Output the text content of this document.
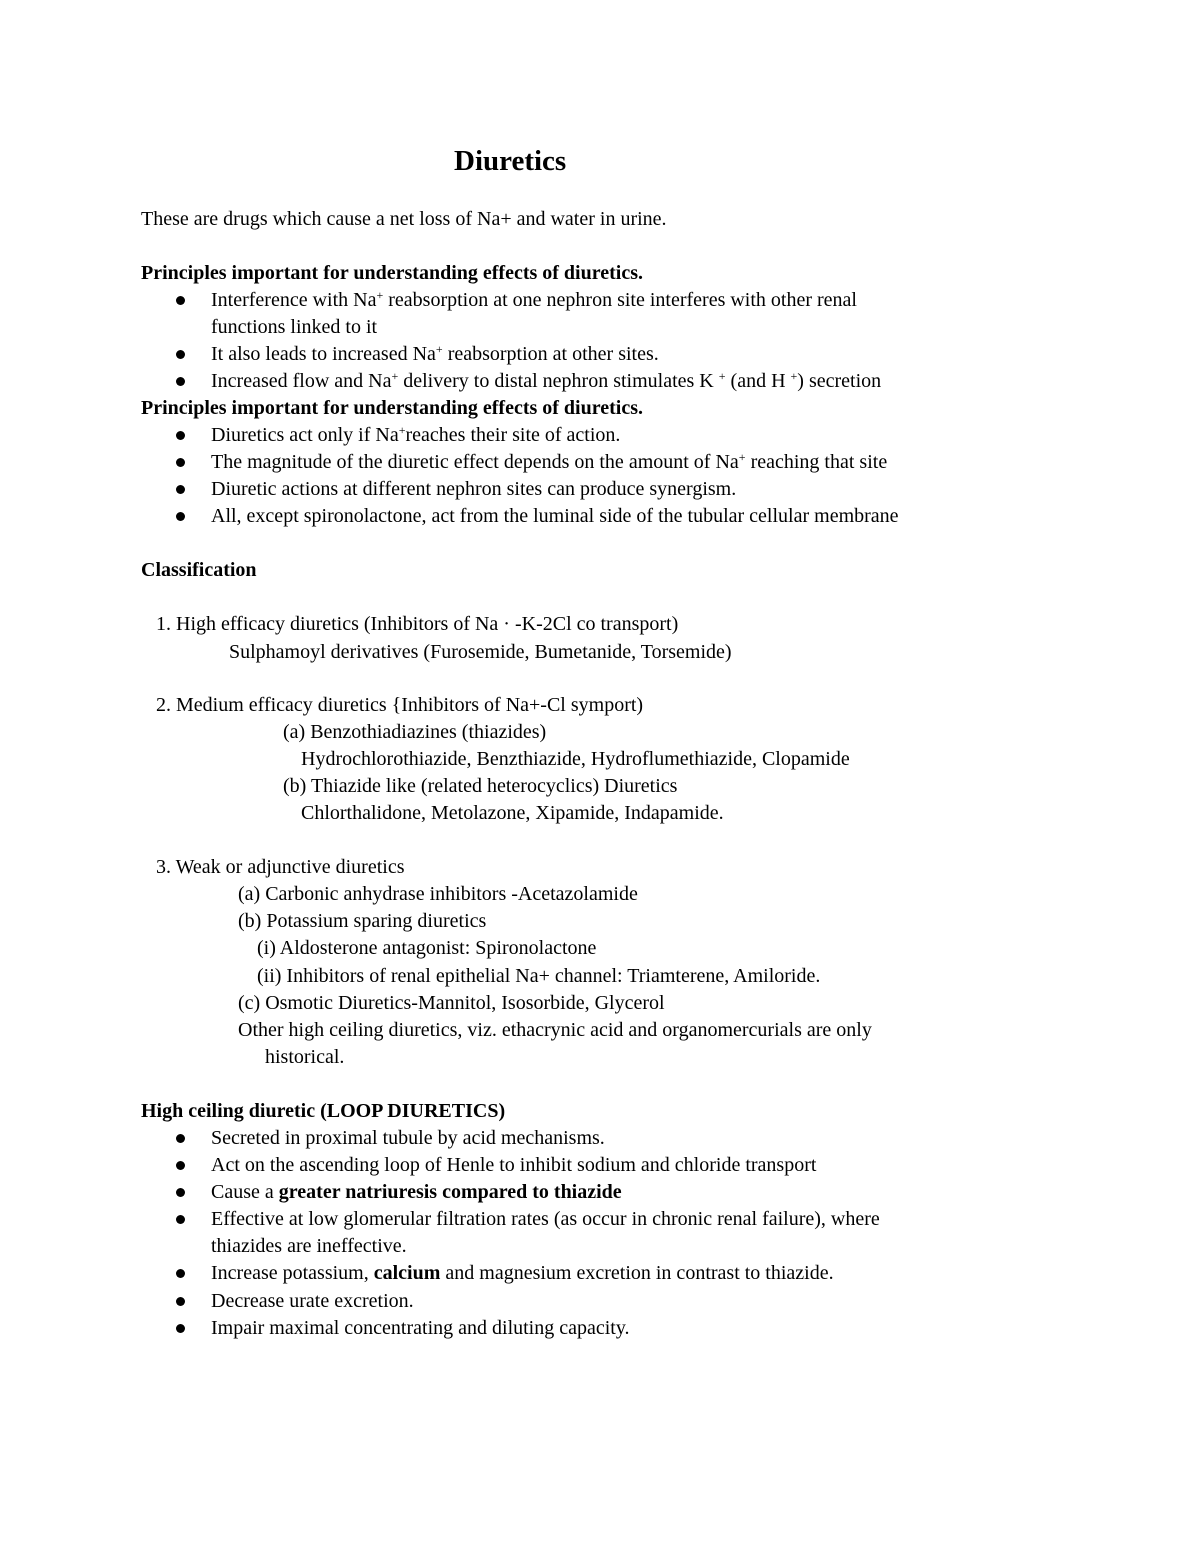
Diuretics
These are drugs which cause a net loss of Na+ and water in urine.
Principles important for understanding effects of diuretics.
Interference with Na+ reabsorption at one nephron site interferes with other renal
functions linked to it
It also leads to increased Na+ reabsorption at other sites.
Increased flow and Na+ delivery to distal nephron stimulates K + (and H +) secretion
Principles important for understanding effects of diuretics.
Diuretics act only if Na+reaches their site of action.
The magnitude of the diuretic effect depends on the amount of Na+ reaching that site
Diuretic actions at different nephron sites can produce synergism.
All, except spironolactone, act from the luminal side of the tubular cellular membrane
Classification
1. High efficacy diuretics (Inhibitors of Na · -K-2Cl co transport)
Sulphamoyl derivatives (Furosemide, Bumetanide, Torsemide)
2. Medium efficacy diuretics {Inhibitors of Na+-Cl symport)
(a) Benzothiadiazines (thiazides)
Hydrochlorothiazide, Benzthiazide, Hydroflumethiazide, Clopamide
(b) Thiazide like (related heterocyclics) Diuretics
Chlorthalidone, Metolazone, Xipamide, Indapamide.
3. Weak or adjunctive diuretics
(a) Carbonic anhydrase inhibitors -Acetazolamide
(b) Potassium sparing diuretics
(i) Aldosterone antagonist: Spironolactone
(ii) Inhibitors of renal epithelial Na+ channel: Triamterene, Amiloride.
(c) Osmotic Diuretics-Mannitol, Isosorbide, Glycerol
Other high ceiling diuretics, viz. ethacrynic acid and organomercurials are only
historical.
High ceiling diuretic (LOOP DIURETICS)
Secreted in proximal tubule by acid mechanisms.
Act on the ascending loop of Henle to inhibit sodium and chloride transport
Cause a greater natriuresis compared to thiazide
Effective at low glomerular filtration rates (as occur in chronic renal failure), where
thiazides are ineffective.
Increase potassium, calcium and magnesium excretion in contrast to thiazide.
Decrease urate excretion.
Impair maximal concentrating and diluting capacity.
